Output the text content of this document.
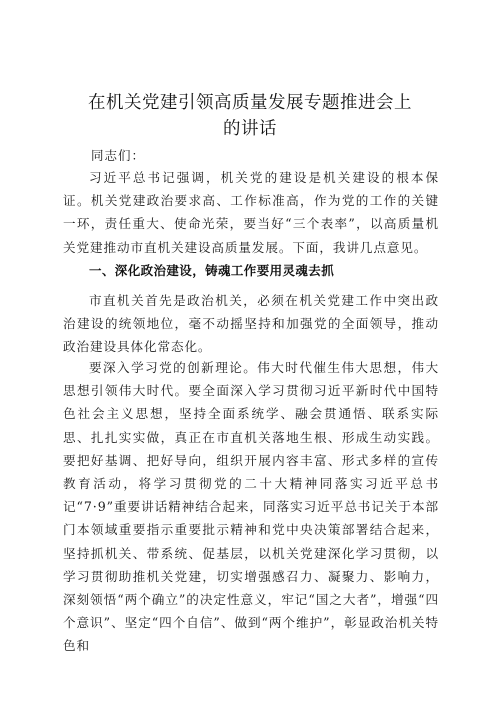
在机关党建引领高质量发展专题推进会上
的讲话
同志们：

习近平总书记强调，机关党的建设是机关建设的根本保证。机关党建政治要求高、工作标准高，作为党的工作的关键一环，责任重大、使命光荣，要当好“三个表率”，以高质量机关党建推动市直机关建设高质量发展。下面，我讲几点意见。

一、深化政治建设，铸魂工作要用灵魂去抓

市直机关首先是政治机关，必须在机关党建工作中突出政治建设的统领地位，毫不动摇坚持和加强党的全面领导，推动政治建设具体化常态化。

要深入学习党的创新理论。伟大时代催生伟大思想，伟大思想引领伟大时代。要全面深入学习贯彻习近平新时代中国特色社会主义思想，坚持全面系统学、融会贯通悟、联系实际思、扎扎实实做，真正在市直机关落地生根、形成生动实践。要把好基调、把好导向，组织开展内容丰富、形式多样的宣传教育活动，将学习贯彻党的二十大精神同落实习近平总书记“7·9”重要讲话精神结合起来，同落实习近平总书记关于本部门本领域重要指示重要批示精神和党中央决策部署结合起来，坚持抓机关、带系统、促基层，以机关党建深化学习贯彻，以学习贯彻助推机关党建，切实增强感召力、凝聚力、影响力，深刻领悟“两个确立”的决定性意义，牢记“国之大者”，增强“四个意识”、坚定“四个自信”、做到“两个维护”，彰显政治机关特色和
